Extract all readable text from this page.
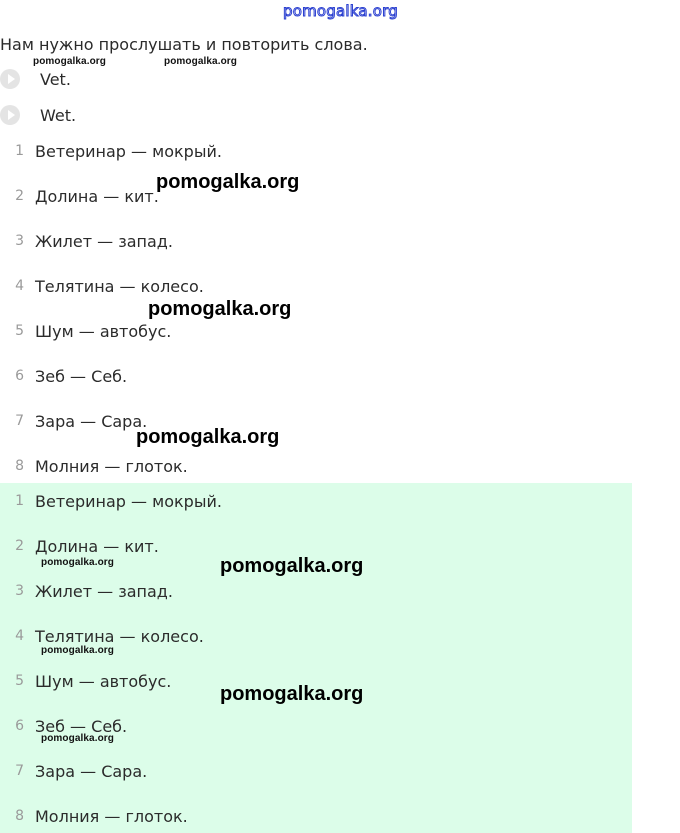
pomogalka.org
Нам нужно прослушать и повторить слова.
pomogalka.org	pomogalka.org
Vet.
Wet.
1 Ветеринар — мокрый.
2 Долина — кит.
3 Жилет — запад.
4 Телятина — колесо.
5 Шум — автобус.
6 Зеб — Себ.
7 Зара — Сара.
8 Молния — глоток.
pomogalka.org
pomogalka.org
pomogalka.org
1 Ветеринар — мокрый.
2 Долина — кит.
3 Жилет — запад.
4 Телятина — колесо.
5 Шум — автобус.
6 Зеб — Себ.
7 Зара — Сара.
8 Молния — глоток.
pomogalka.org
pomogalka.org
pomogalka.org
pomogalka.org
pomogalka.org
